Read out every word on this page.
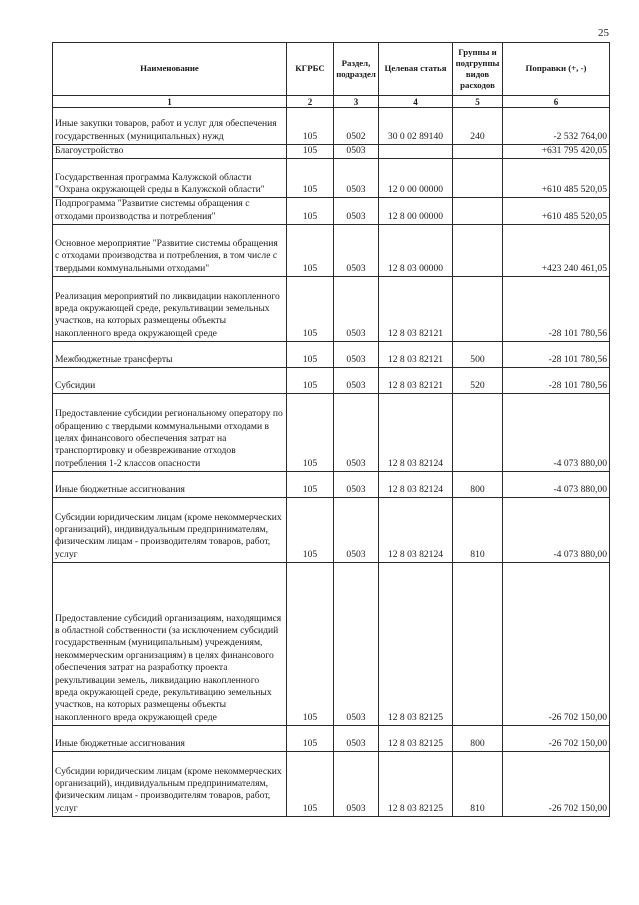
25
Наименование	КГРБС	Раздел, подраздел	Целевая статья	Группы и подгруппы видов расходов	Поправки (+, -)
1	2	3	4	5	6
Иные закупки товаров, работ и услуг для обеспечения государственных (муниципальных) нужд	105	0502	30 0 02 89140	240	-2 532 764,00
Благоустройство	105	0503			+631 795 420,05
Государственная программа Калужской области "Охрана окружающей среды в Калужской области"	105	0503	12 0 00 00000		+610 485 520,05
Подпрограмма "Развитие системы обращения с отходами производства и потребления"	105	0503	12 8 00 00000		+610 485 520,05
Основное мероприятие "Развитие системы обращения с отходами производства и потребления, в том числе с твердыми коммунальными отходами"	105	0503	12 8 03 00000		+423 240 461,05
Реализация мероприятий по ликвидации накопленного вреда окружающей среде, рекультивации земельных участков, на которых размещены объекты накопленного вреда окружающей среде	105	0503	12 8 03 82121		-28 101 780,56
Межбюджетные трансферты	105	0503	12 8 03 82121	500	-28 101 780,56
Субсидии	105	0503	12 8 03 82121	520	-28 101 780,56
Предоставление субсидии региональному оператору по обращению с твердыми коммунальными отходами в целях финансового обеспечения затрат на транспортировку и обезвреживание отходов потребления 1-2 классов опасности	105	0503	12 8 03 82124		-4 073 880,00
Иные бюджетные ассигнования	105	0503	12 8 03 82124	800	-4 073 880,00
Субсидии юридическим лицам (кроме некоммерческих организаций), индивидуальным предпринимателям, физическим лицам - производителям товаров, работ, услуг	105	0503	12 8 03 82124	810	-4 073 880,00
Предоставление субсидий организациям, находящимся в областной собственности (за исключением субсидий государственным (муниципальным) учреждениям, некоммерческим организациям) в целях финансового обеспечения затрат на разработку проекта рекультивации земель, ликвидацию накопленного вреда окружающей среде, рекультивацию земельных участков, на которых размещены объекты накопленного вреда окружающей среде	105	0503	12 8 03 82125		-26 702 150,00
Иные бюджетные ассигнования	105	0503	12 8 03 82125	800	-26 702 150,00
Субсидии юридическим лицам (кроме некоммерческих организаций), индивидуальным предпринимателям, физическим лицам - производителям товаров, работ, услуг	105	0503	12 8 03 82125	810	-26 702 150,00
